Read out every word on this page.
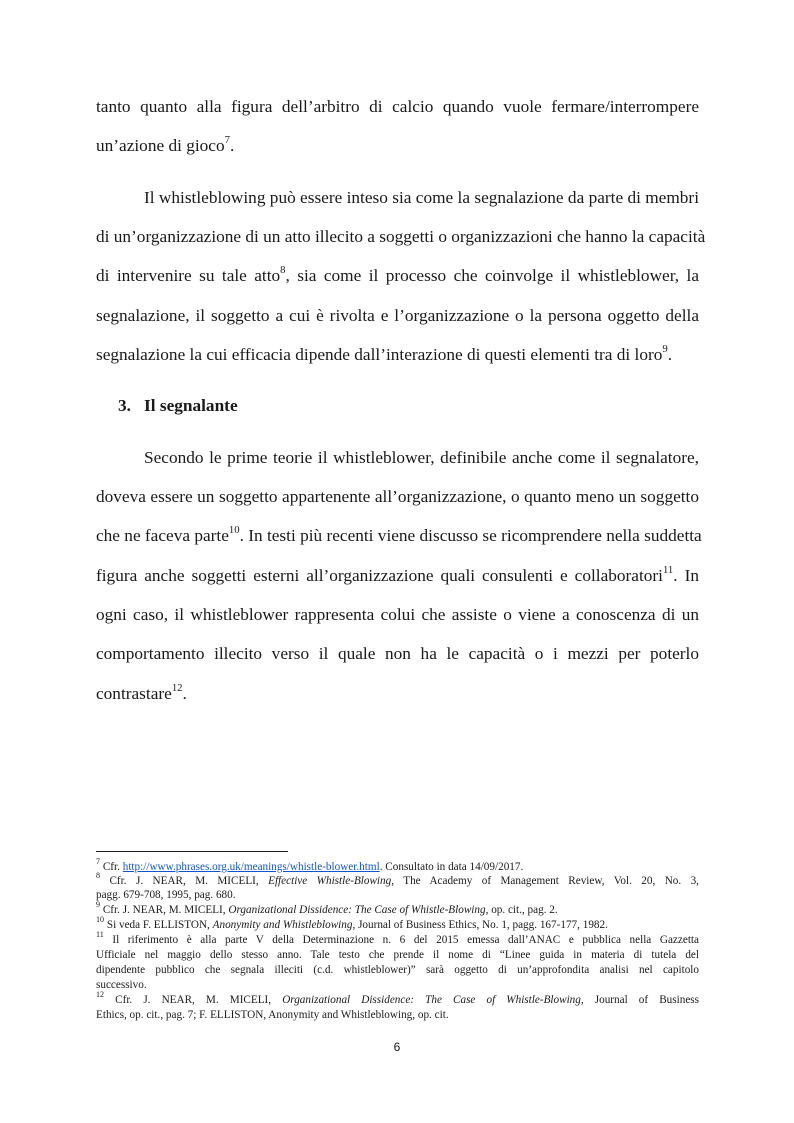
tanto quanto alla figura dell’arbitro di calcio quando vuole fermare/interrompere
un’azione di gioco$^7$.
Il whistleblowing può essere inteso sia come la segnalazione da parte di membri
di un’organizzazione di un atto illecito a soggetti o organizzazioni che hanno la capacità
di intervenire su tale atto$^8$, sia come il processo che coinvolge il whistleblower, la
segnalazione, il soggetto a cui è rivolta e l’organizzazione o la persona oggetto della
segnalazione la cui efficacia dipende dall’interazione di questi elementi tra di loro$^9$.
3. Il segnalante
Secondo le prime teorie il whistleblower, definibile anche come il segnalatore,
doveva essere un soggetto appartenente all’organizzazione, o quanto meno un soggetto
che ne faceva parte$^{10}$. In testi più recenti viene discusso se ricomprendere nella suddetta
figura anche soggetti esterni all’organizzazione quali consulenti e collaboratori$^{11}$. In
ogni caso, il whistleblower rappresenta colui che assiste o viene a conoscenza di un
comportamento illecito verso il quale non ha le capacità o i mezzi per poterlo
contrastare$^{12}$.
$^7$ Cfr. http://www.phrases.org.uk/meanings/whistle-blower.html. Consultato in data 14/09/2017.
$^8$ Cfr. J. NEAR, M. MICELI, Effective Whistle-Blowing, The Academy of Management Review, Vol. 20, No. 3,
pagg. 679-708, 1995, pag. 680.
$^9$ Cfr. J. NEAR, M. MICELI, Organizational Dissidence: The Case of Whistle-Blowing, op. cit., pag. 2.
$^{10}$ Si veda F. ELLISTON, Anonymity and Whistleblowing, Journal of Business Ethics, No. 1, pagg. 167-177, 1982.
$^{11}$ Il riferimento è alla parte V della Determinazione n. 6 del 2015 emessa dall’ANAC e pubblica nella Gazzetta
Ufficiale nel maggio dello stesso anno. Tale testo che prende il nome di “Linee guida in materia di tutela del
dipendente pubblico che segnala illeciti (c.d. whistleblower)” sarà oggetto di un’approfondita analisi nel capitolo
successivo.
$^{12}$ Cfr. J. NEAR, M. MICELI, Organizational Dissidence: The Case of Whistle-Blowing, Journal of Business
Ethics, op. cit., pag. 7; F. ELLISTON, Anonymity and Whistleblowing, op. cit.
6
